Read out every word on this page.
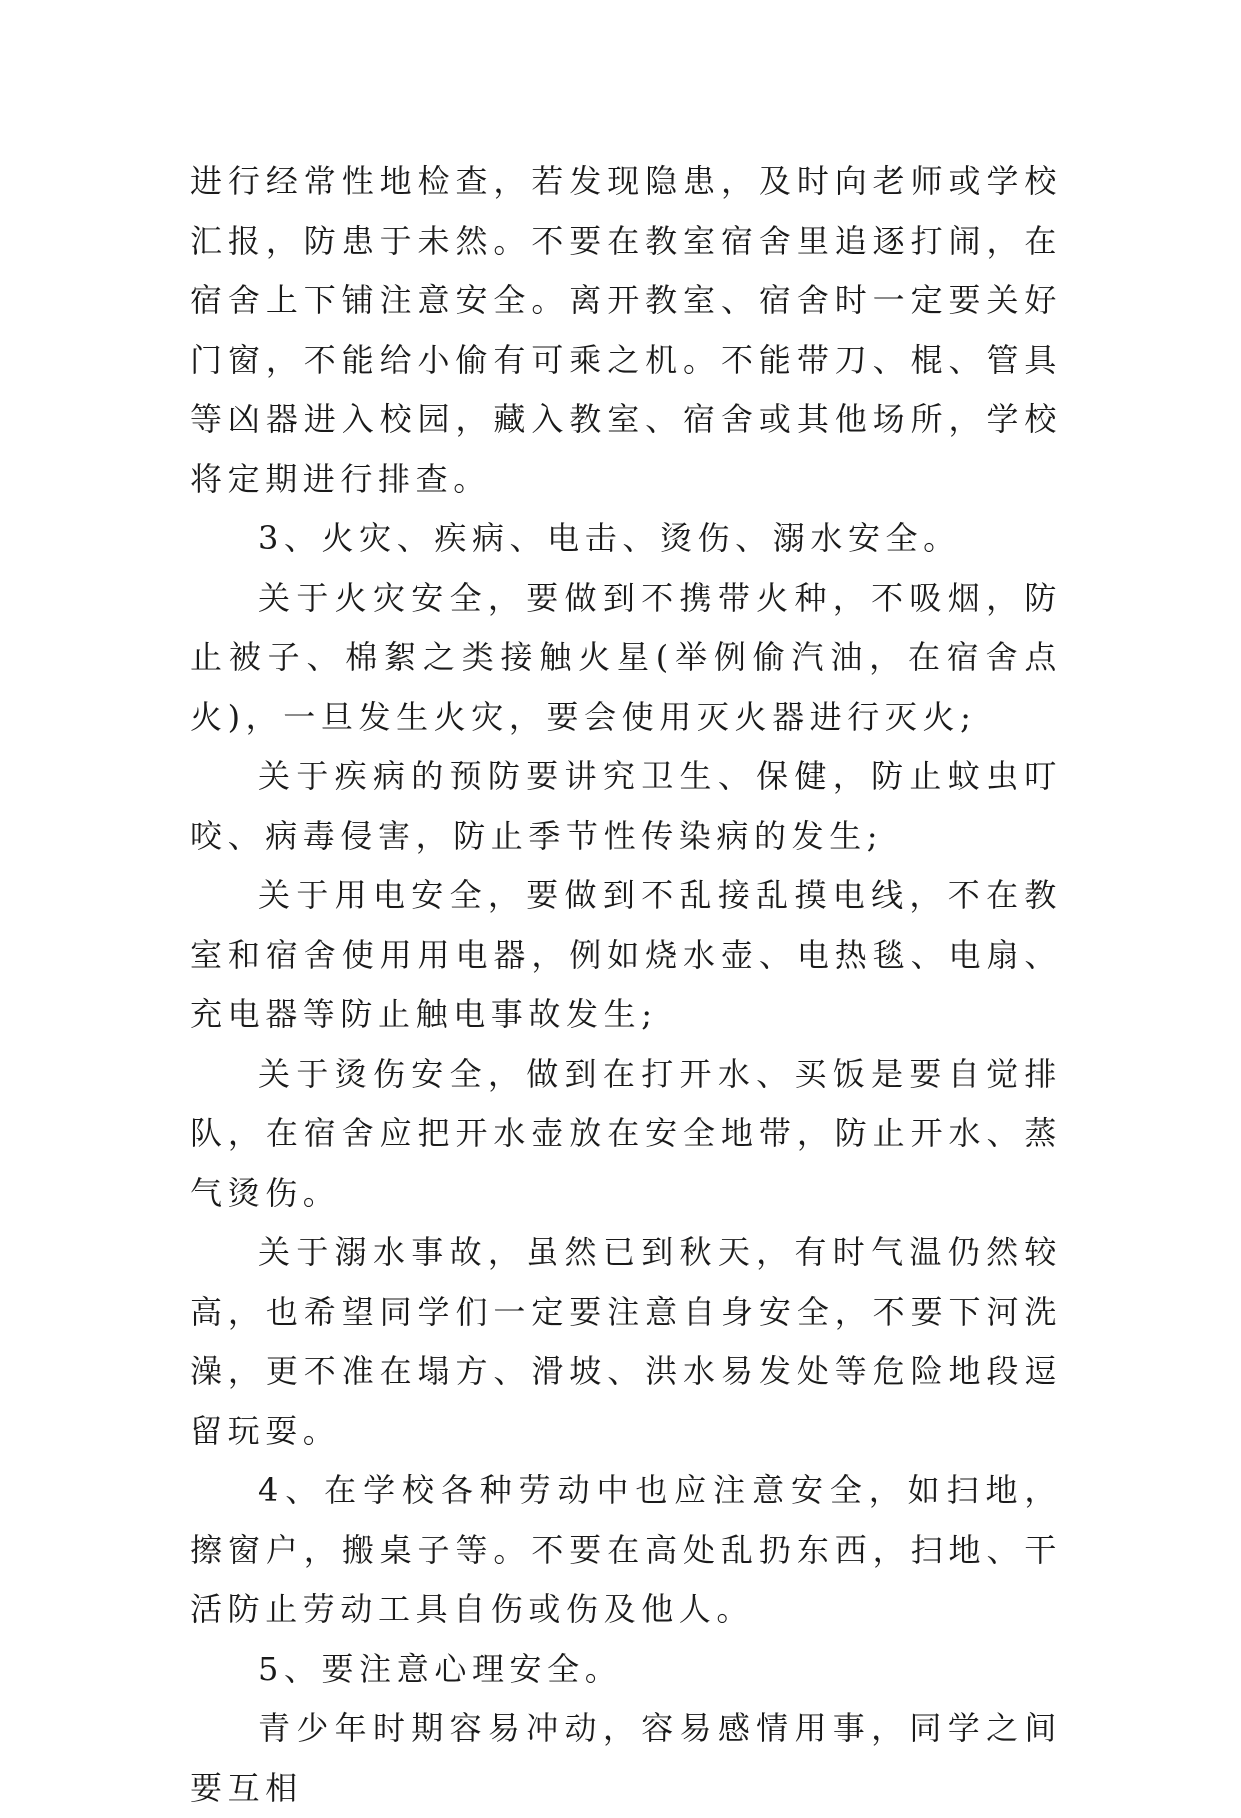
进行经常性地检查，若发现隐患，及时向老师或学校汇报，防患于未然。不要在教室宿舍里追逐打闹，在宿舍上下铺注意安全。离开教室、宿舍时一定要关好门窗，不能给小偷有可乘之机。不能带刀、棍、管具等凶器进入校园，藏入教室、宿舍或其他场所，学校将定期进行排查。

3、火灾、疾病、电击、烫伤、溺水安全。

关于火灾安全，要做到不携带火种，不吸烟，防止被子、棉絮之类接触火星(举例偷汽油，在宿舍点火)，一旦发生火灾，要会使用灭火器进行灭火;

关于疾病的预防要讲究卫生、保健，防止蚊虫叮咬、病毒侵害，防止季节性传染病的发生;

关于用电安全，要做到不乱接乱摸电线，不在教室和宿舍使用用电器，例如烧水壶、电热毯、电扇、充电器等防止触电事故发生;

关于烫伤安全，做到在打开水、买饭是要自觉排队，在宿舍应把开水壶放在安全地带，防止开水、蒸气烫伤。

关于溺水事故，虽然已到秋天，有时气温仍然较高，也希望同学们一定要注意自身安全，不要下河洗澡，更不准在塌方、滑坡、洪水易发处等危险地段逗留玩耍。

4、在学校各种劳动中也应注意安全，如扫地，擦窗户，搬桌子等。不要在高处乱扔东西，扫地、干活防止劳动工具自伤或伤及他人。

5、要注意心理安全。

青少年时期容易冲动，容易感情用事，同学之间要互相
